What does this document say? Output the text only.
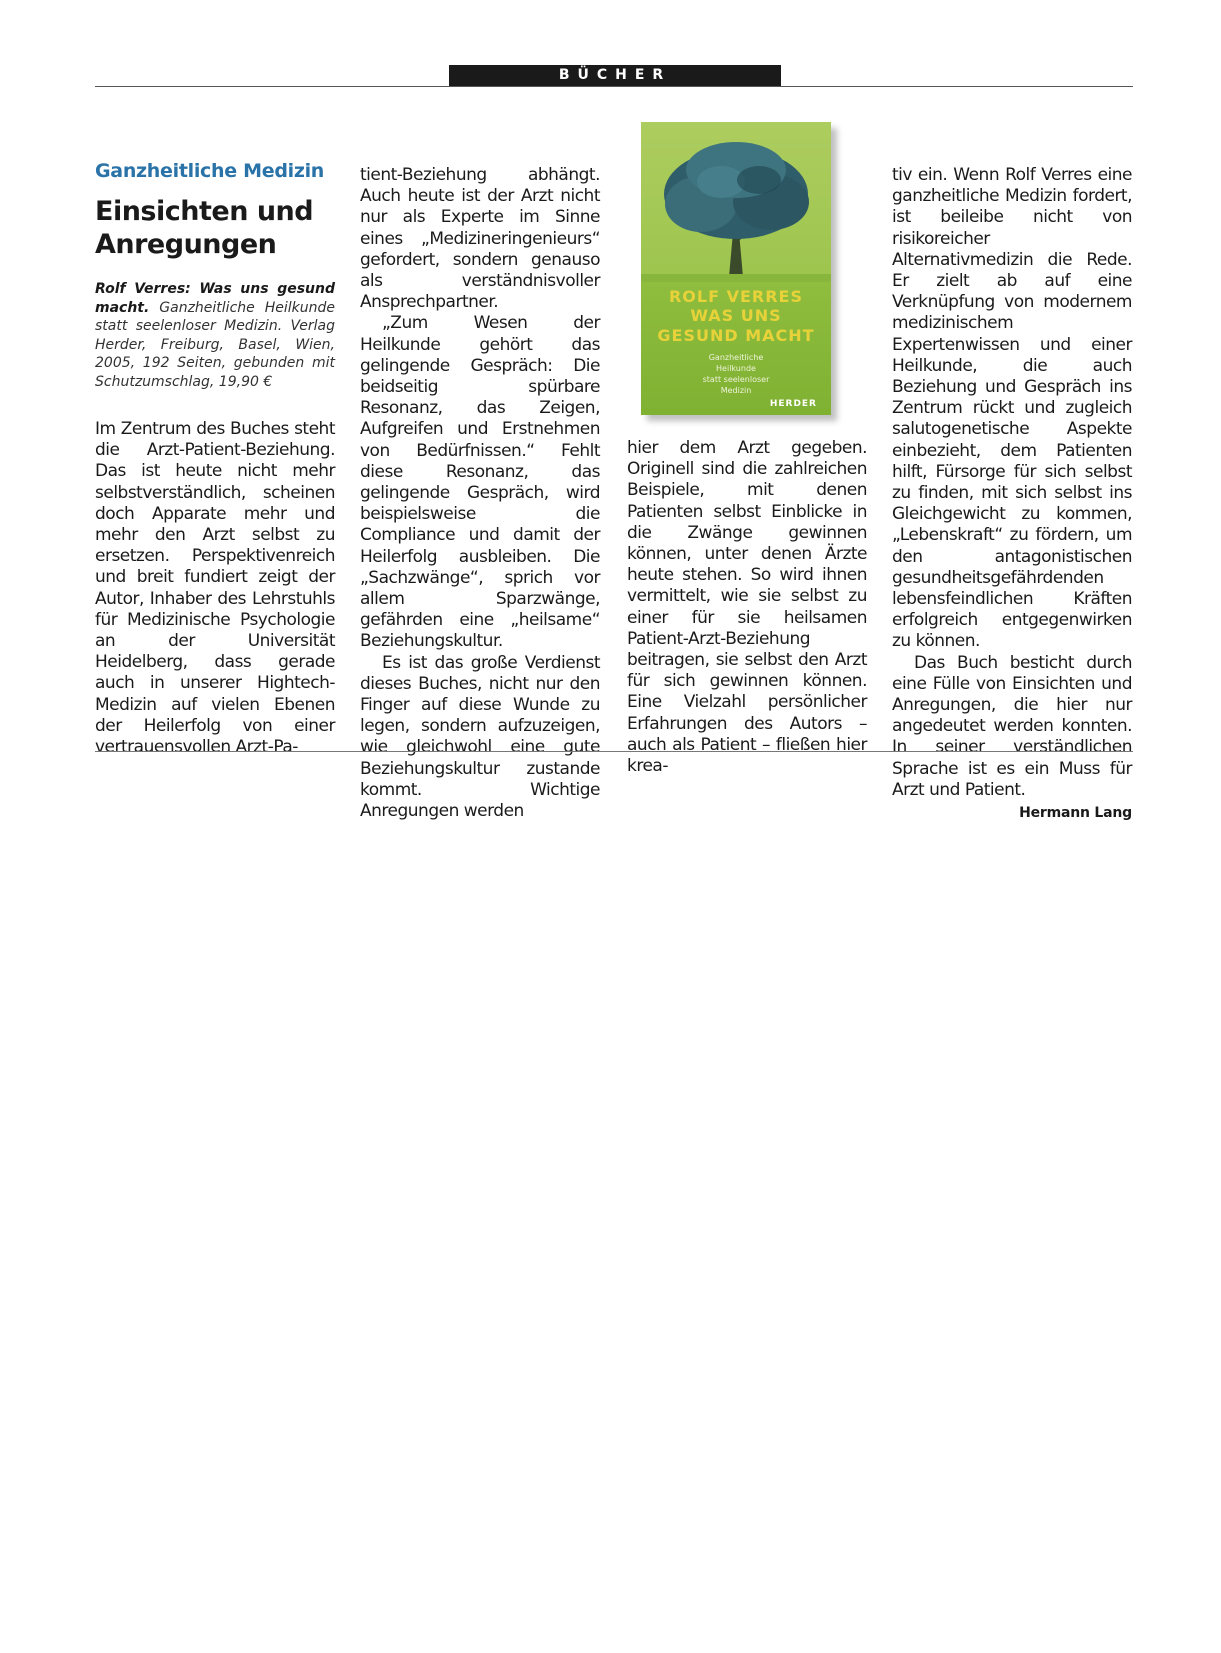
BÜCHER
Ganzheitliche Medizin
Einsichten und Anregungen
Rolf Verres: Was uns gesund macht. Ganzheitliche Heilkunde statt seelenloser Medizin. Verlag Herder, Freiburg, Basel, Wien, 2005, 192 Seiten, gebunden mit Schutzumschlag, 19,90 €

Im Zentrum des Buches steht die Arzt-Patient-Beziehung. Das ist heute nicht mehr selbstverständlich, scheinen doch Apparate mehr und mehr den Arzt selbst zu ersetzen. Perspektivenreich und breit fundiert zeigt der Autor, Inhaber des Lehrstuhls für Medizinische Psychologie an der Universität Heidelberg, dass gerade auch in unserer Hightech-Medizin auf vielen Ebenen der Heilerfolg von einer vertrauensvollen Arzt-Pa-

tient-Beziehung abhängt. Auch heute ist der Arzt nicht nur als Experte im Sinne eines „Medizineringenieurs“ gefordert, sondern genauso als verständnisvoller Ansprechpartner.

„Zum Wesen der Heilkunde gehört das gelingende Gespräch: Die beidseitig spürbare Resonanz, das Zeigen, Aufgreifen und Erstnehmen von Bedürfnissen.“ Fehlt diese Resonanz, das gelingende Gespräch, wird beispielsweise die Compliance und damit der Heilerfolg ausbleiben. Die „Sachzwänge“, sprich vor allem Sparzwänge, gefährden eine „heilsame“ Beziehungskultur.

Es ist das große Verdienst dieses Buches, nicht nur den Finger auf diese Wunde zu legen, sondern aufzuzeigen, wie gleichwohl eine gute Beziehungskultur zustande kommt. Wichtige Anregungen werden

ROLF VERRES
WAS UNS
GESUND MACHT
Ganzheitliche
Heilkunde
statt seelenloser
Medizin
HERDER

hier dem Arzt gegeben. Originell sind die zahlreichen Beispiele, mit denen Patienten selbst Einblicke in die Zwänge gewinnen können, unter denen Ärzte heute stehen. So wird ihnen vermittelt, wie sie selbst zu einer für sie heilsamen Patient-Arzt-Beziehung beitragen, sie selbst den Arzt für sich gewinnen können. Eine Vielzahl persönlicher Erfahrungen des Autors – auch als Patient – fließen hier krea-

tiv ein. Wenn Rolf Verres eine ganzheitliche Medizin fordert, ist beileibe nicht von risikoreicher Alternativmedizin die Rede. Er zielt ab auf eine Verknüpfung von modernem medizinischem Expertenwissen und einer Heilkunde, die auch Beziehung und Gespräch ins Zentrum rückt und zugleich salutogenetische Aspekte einbezieht, dem Patienten hilft, Fürsorge für sich selbst zu finden, mit sich selbst ins Gleichgewicht zu kommen, „Lebenskraft“ zu fördern, um den antagonistischen gesundheitsgefährdenden lebensfeindlichen Kräften erfolgreich entgegenwirken zu können.

Das Buch besticht durch eine Fülle von Einsichten und Anregungen, die hier nur angedeutet werden konnten. In seiner verständlichen Sprache ist es ein Muss für Arzt und Patient.
Hermann Lang
